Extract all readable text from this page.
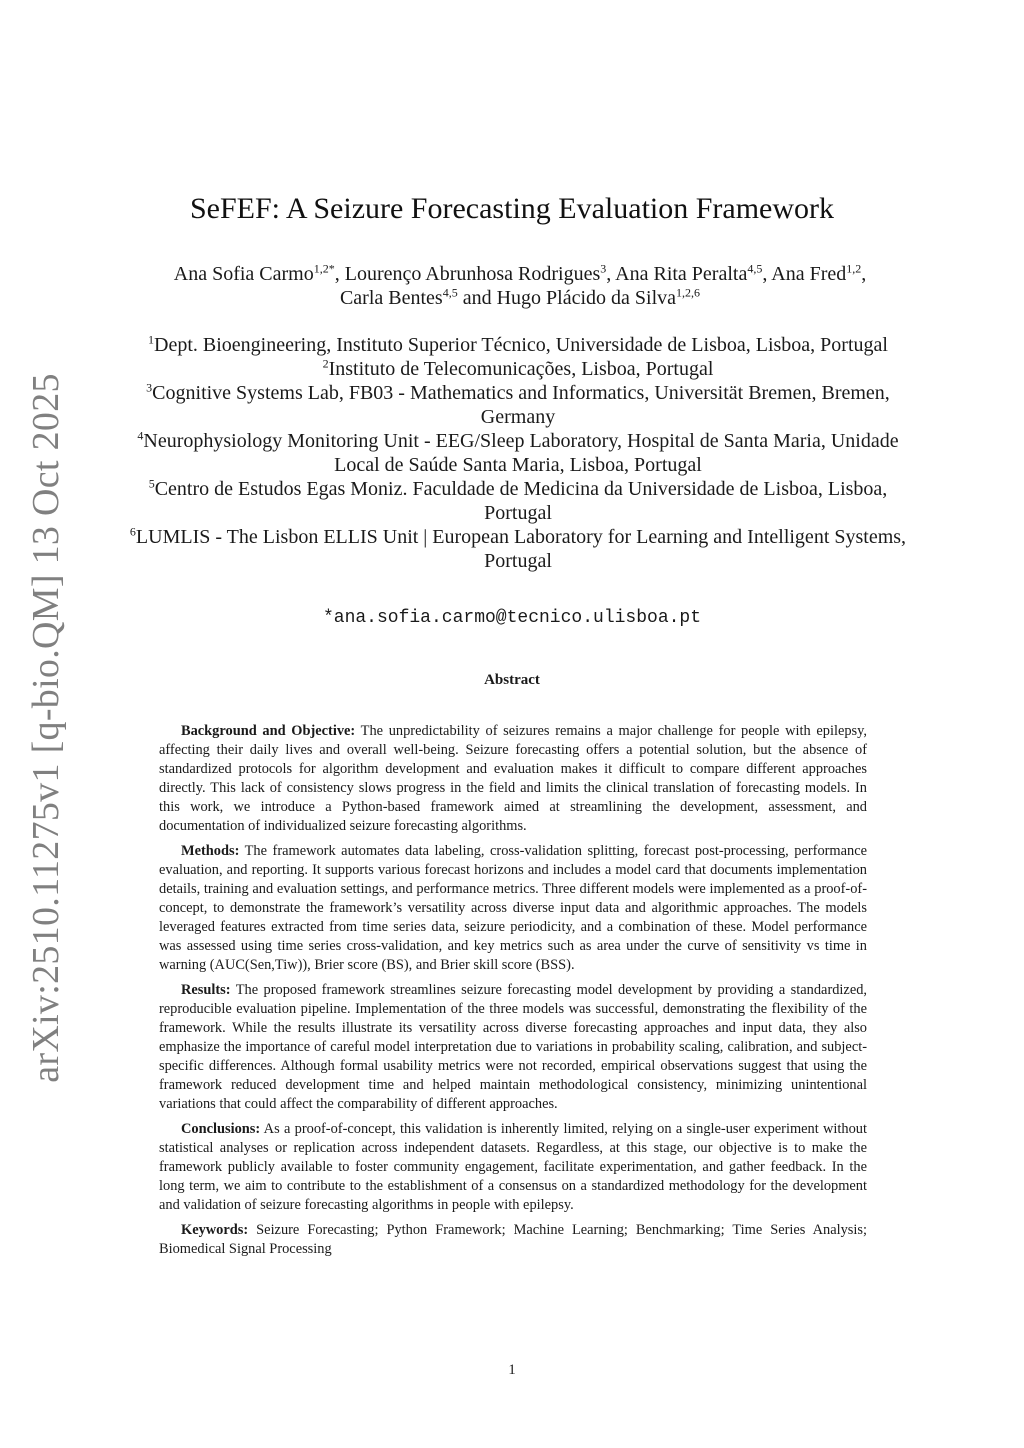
arXiv:2510.11275v1 [q-bio.QM] 13 Oct 2025
SeFEF: A Seizure Forecasting Evaluation Framework

Ana Sofia Carmo$^{1,2*}$, Lourenço Abrunhosa Rodrigues$^3$, Ana Rita Peralta$^{4,5}$, Ana Fred$^{1,2}$, Carla Bentes$^{4,5}$ and Hugo Plácido da Silva$^{1,2,6}$

$^1$Dept. Bioengineering, Instituto Superior Técnico, Universidade de Lisboa, Lisboa, Portugal

$^2$Instituto de Telecomunicações, Lisboa, Portugal

$^3$Cognitive Systems Lab, FB03 - Mathematics and Informatics, Universität Bremen, Bremen, Germany

$^4$Neurophysiology Monitoring Unit - EEG/Sleep Laboratory, Hospital de Santa Maria, Unidade Local de Saúde Santa Maria, Lisboa, Portugal

$^5$Centro de Estudos Egas Moniz. Faculdade de Medicina da Universidade de Lisboa, Lisboa, Portugal

$^6$LUMLIS - The Lisbon ELLIS Unit | European Laboratory for Learning and Intelligent Systems, Portugal

*ana.sofia.carmo@tecnico.ulisboa.pt
Abstract

Background and Objective: The unpredictability of seizures remains a major challenge for people with epilepsy, affecting their daily lives and overall well-being. Seizure forecasting offers a potential solution, but the absence of standardized protocols for algorithm development and evaluation makes it difficult to compare different approaches directly. This lack of consistency slows progress in the field and limits the clinical translation of forecasting models. In this work, we introduce a Python-based framework aimed at streamlining the development, assessment, and documentation of individualized seizure forecasting algorithms.

Methods: The framework automates data labeling, cross-validation splitting, forecast post-processing, performance evaluation, and reporting. It supports various forecast horizons and includes a model card that documents implementation details, training and evaluation settings, and performance metrics. Three different models were implemented as a proof-of-concept, to demonstrate the framework’s versatility across diverse input data and algorithmic approaches. The models leveraged features extracted from time series data, seizure periodicity, and a combination of these. Model performance was assessed using time series cross-validation, and key metrics such as area under the curve of sensitivity vs time in warning (AUC(Sen,Tiw)), Brier score (BS), and Brier skill score (BSS).

Results: The proposed framework streamlines seizure forecasting model development by providing a standardized, reproducible evaluation pipeline. Implementation of the three models was successful, demonstrating the flexibility of the framework. While the results illustrate its versatility across diverse forecasting approaches and input data, they also emphasize the importance of careful model interpretation due to variations in probability scaling, calibration, and subject-specific differences. Although formal usability metrics were not recorded, empirical observations suggest that using the framework reduced development time and helped maintain methodological consistency, minimizing unintentional variations that could affect the comparability of different approaches.

Conclusions: As a proof-of-concept, this validation is inherently limited, relying on a single-user experiment without statistical analyses or replication across independent datasets. Regardless, at this stage, our objective is to make the framework publicly available to foster community engagement, facilitate experimentation, and gather feedback. In the long term, we aim to contribute to the establishment of a consensus on a standardized methodology for the development and validation of seizure forecasting algorithms in people with epilepsy.

Keywords: Seizure Forecasting; Python Framework; Machine Learning; Benchmarking; Time Series Analysis; Biomedical Signal Processing

1
